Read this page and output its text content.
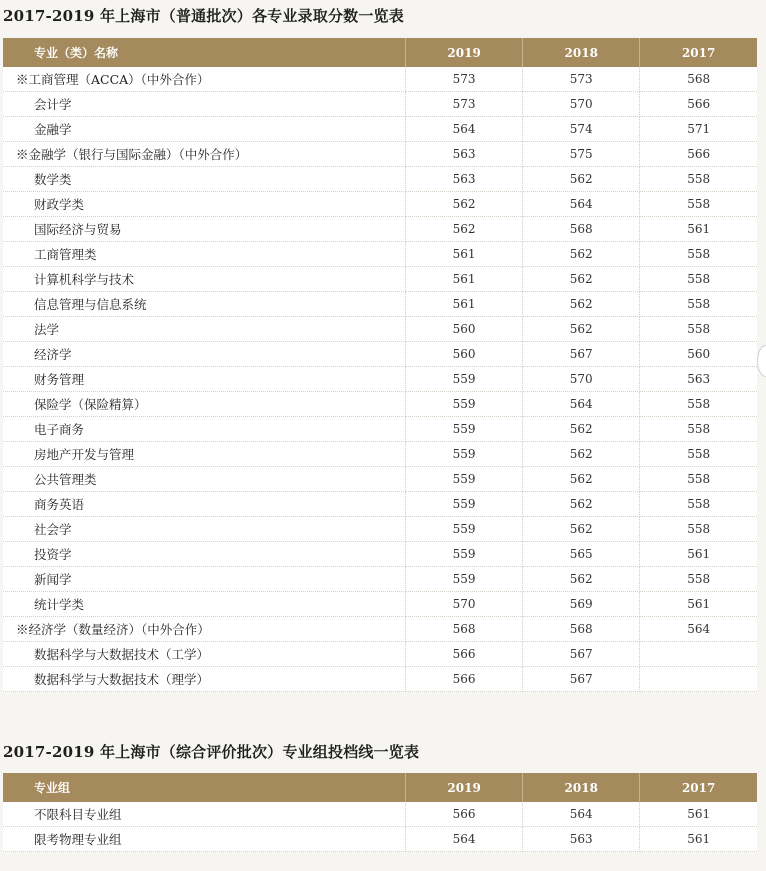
2017-2019 年上海市（普通批次）各专业录取分数一览表
专业（类）名称	2019	2018	2017
※工商管理（ACCA）（中外合作）	573	573	568
会计学	573	570	566
金融学	564	574	571
※金融学（银行与国际金融）（中外合作）	563	575	566
数学类	563	562	558
财政学类	562	564	558
国际经济与贸易	562	568	561
工商管理类	561	562	558
计算机科学与技术	561	562	558
信息管理与信息系统	561	562	558
法学	560	562	558
经济学	560	567	560
财务管理	559	570	563
保险学（保险精算）	559	564	558
电子商务	559	562	558
房地产开发与管理	559	562	558
公共管理类	559	562	558
商务英语	559	562	558
社会学	559	562	558
投资学	559	565	561
新闻学	559	562	558
统计学类	570	569	561
※经济学（数量经济）（中外合作）	568	568	564
数据科学与大数据技术（工学）	566	567	
数据科学与大数据技术（理学）	566	567	
2017-2019 年上海市（综合评价批次）专业组投档线一览表
专业组	2019	2018	2017
不限科目专业组	566	564	561
限考物理专业组	564	563	561
